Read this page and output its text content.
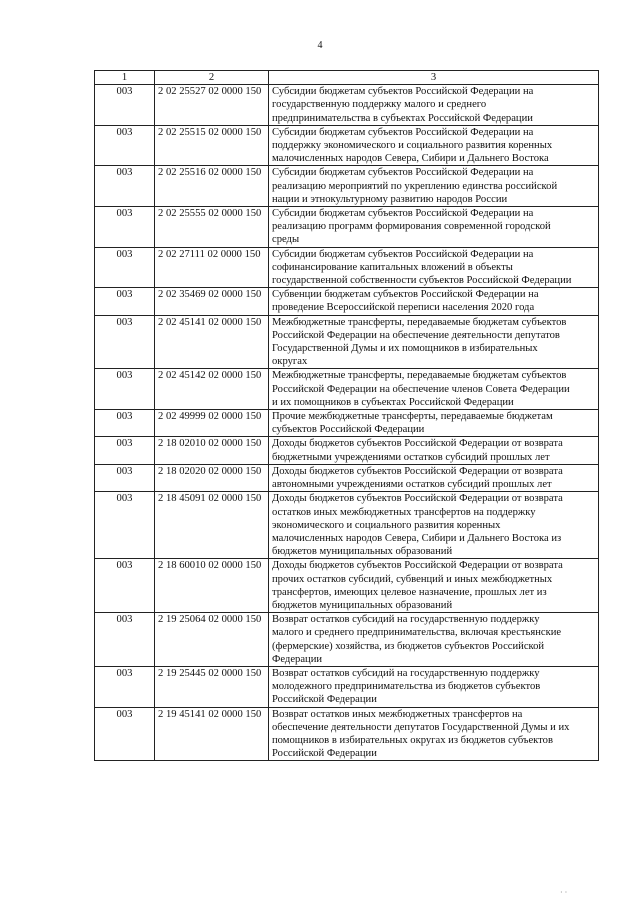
4
1	2	3
003	2 02 25527 02 0000 150	Субсидии бюджетам субъектов Российской Федерации на
государственную поддержку малого и среднего
предпринимательства в субъектах Российской Федерации

003	2 02 25515 02 0000 150	Субсидии бюджетам субъектов Российской Федерации на
поддержку экономического и социального развития коренных
малочисленных народов Севера, Сибири и Дальнего Востока

003	2 02 25516 02 0000 150	Субсидии бюджетам субъектов Российской Федерации на
реализацию мероприятий по укреплению единства российской
нации и этнокультурному развитию народов России

003	2 02 25555 02 0000 150	Субсидии бюджетам субъектов Российской Федерации на
реализацию программ формирования современной городской
среды

003	2 02 27111 02 0000 150	Субсидии бюджетам субъектов Российской Федерации на
софинансирование капитальных вложений в объекты
государственной собственности субъектов Российской Федерации

003	2 02 35469 02 0000 150	Субвенции бюджетам субъектов Российской Федерации на
проведение Всероссийской переписи населения 2020 года

003	2 02 45141 02 0000 150	Межбюджетные трансферты, передаваемые бюджетам субъектов
Российской Федерации на обеспечение деятельности депутатов
Государственной Думы и их помощников в избирательных
округах

003	2 02 45142 02 0000 150	Межбюджетные трансферты, передаваемые бюджетам субъектов
Российской Федерации на обеспечение членов Совета Федерации
и их помощников в субъектах Российской Федерации

003	2 02 49999 02 0000 150	Прочие межбюджетные трансферты, передаваемые бюджетам
субъектов Российской Федерации

003	2 18 02010 02 0000 150	Доходы бюджетов субъектов Российской Федерации от возврата
бюджетными учреждениями остатков субсидий прошлых лет

003	2 18 02020 02 0000 150	Доходы бюджетов субъектов Российской Федерации от возврата
автономными учреждениями остатков субсидий прошлых лет

003	2 18 45091 02 0000 150	Доходы бюджетов субъектов Российской Федерации от возврата
остатков иных межбюджетных трансфертов на поддержку
экономического и социального развития коренных
малочисленных народов Севера, Сибири и Дальнего Востока из
бюджетов муниципальных образований

003	2 18 60010 02 0000 150	Доходы бюджетов субъектов Российской Федерации от возврата
прочих остатков субсидий, субвенций и иных межбюджетных
трансфертов, имеющих целевое назначение, прошлых лет из
бюджетов муниципальных образований

003	2 19 25064 02 0000 150	Возврат остатков субсидий на государственную поддержку
малого и среднего предпринимательства, включая крестьянские
(фермерские) хозяйства, из бюджетов субъектов Российской
Федерации

003	2 19 25445 02 0000 150	Возврат остатков субсидий на государственную поддержку
молодежного предпринимательства из бюджетов субъектов
Российской Федерации

003	2 19 45141 02 0000 150	Возврат остатков иных межбюджетных трансфертов на
обеспечение деятельности депутатов Государственной Думы и их
помощников в избирательных округах из бюджетов субъектов
Российской Федерации
· ·
